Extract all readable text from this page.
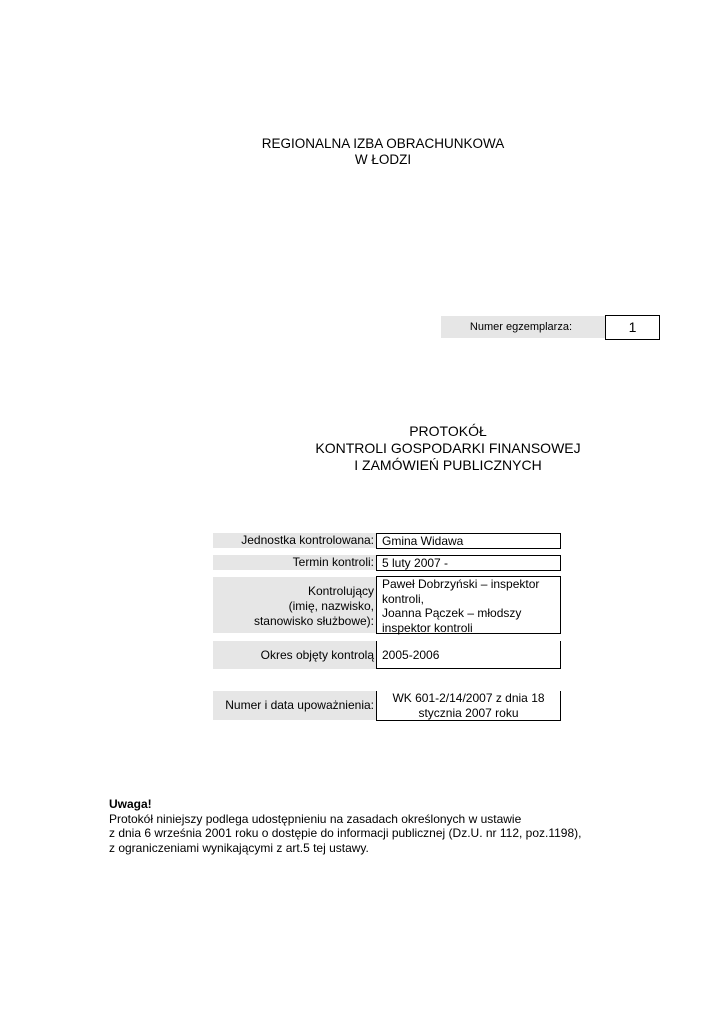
REGIONALNA IZBA OBRACHUNKOWA
W ŁODZI
Numer egzemplarza:	1
PROTOKÓŁ
KONTROLI GOSPODARKI FINANSOWEJ
I ZAMÓWIEŃ PUBLICZNYCH
Jednostka kontrolowana: Gmina Widawa
Termin kontroli: 5 luty 2007 -
Kontrolujący
(imię, nazwisko,
stanowisko służbowe):
Paweł Dobrzyński – inspektor
kontroli,
Joanna Pączek – młodszy
inspektor kontroli
Okres objęty kontrolą 2005-2006
Numer i data upoważnienia:	WK 601-2/14/2007 z dnia 18
stycznia 2007 roku
Uwaga!
Protokół niniejszy podlega udostępnieniu na zasadach określonych w ustawie
z dnia 6 września 2001 roku o dostępie do informacji publicznej (Dz.U. nr 112, poz.1198),
z ograniczeniami wynikającymi z art.5 tej ustawy.
